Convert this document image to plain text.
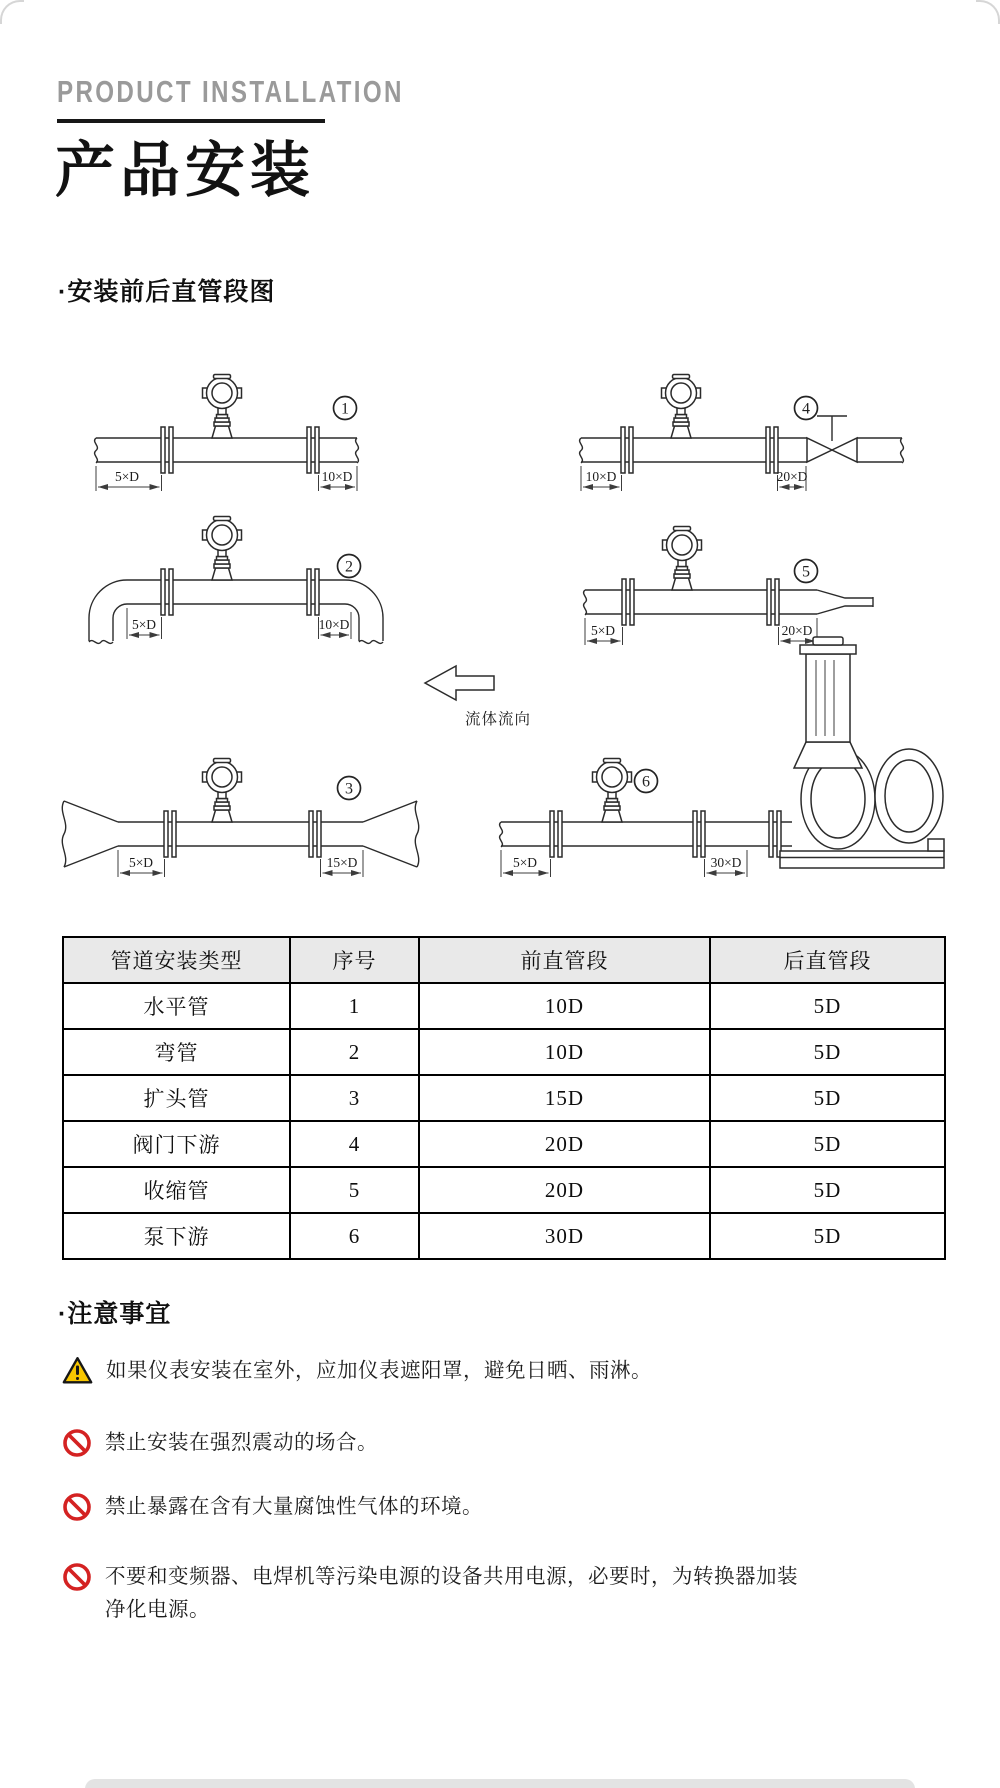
PRODUCT INSTALLATION
产品安装
·安装前后直管段图
5×D	10×D
1
10×D	20×D
4
5×D	10×D
2
5×D	20×D
5
流体流向
5×D	15×D
3
5×D	30×D
6
管道安装类型	序号	前直管段	后直管段
水平管	1	10D	5D
弯管	2	10D	5D
扩头管	3	15D	5D
阀门下游	4	20D	5D
收缩管	5	20D	5D
泵下游	6	30D	5D
·注意事宜

如果仪表安装在室外，应加仪表遮阳罩，避免日晒、雨淋。

禁止安装在强烈震动的场合。

禁止暴露在含有大量腐蚀性气体的环境。

不要和变频器、电焊机等污染电源的设备共用电源，必要时，为转换器加装净化电源。
